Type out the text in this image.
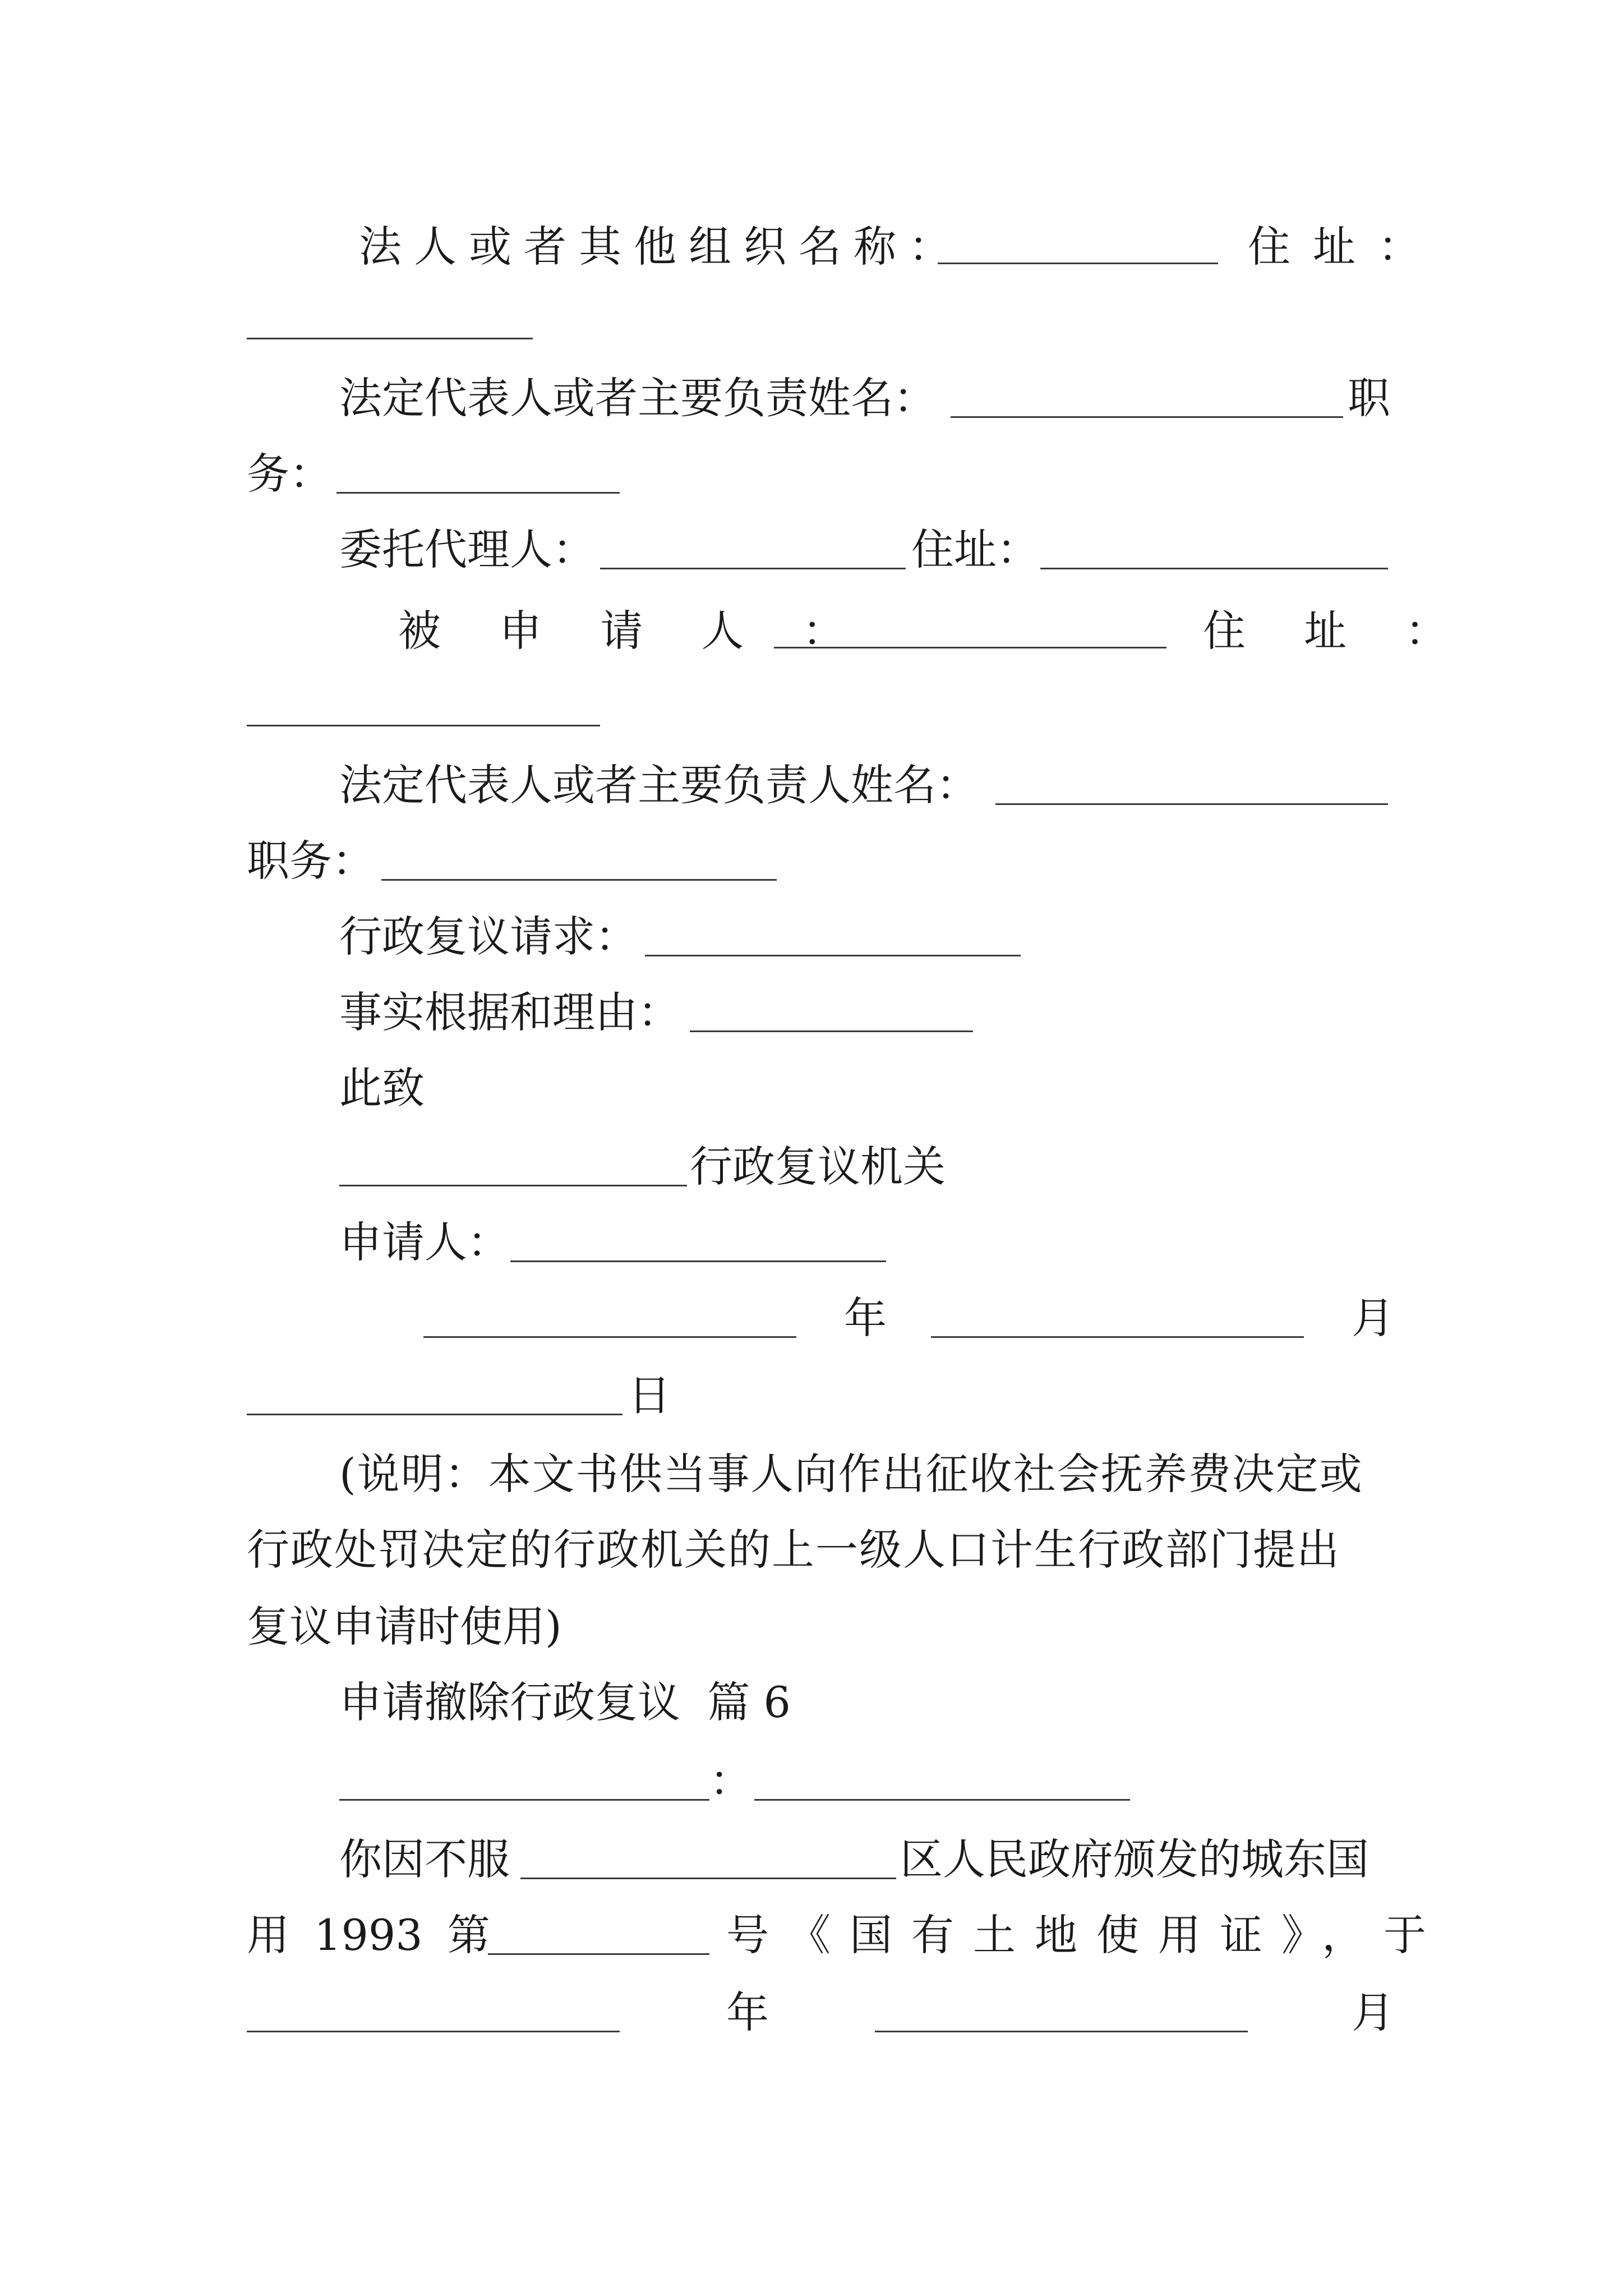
法人或者其他组织名称：	住址：
法定代表人或者主要负责姓名：	职
务：
委托代理人：	住址：
被 申 请 人 ：	住 址 ：
法定代表人或者主要负责人姓名：
职务：
行政复议请求：
事实根据和理由：
此致
行政复议机关
申请人：
年	月
日
(说明：本文书供当事人向作出征收社会抚养费决定或
行政处罚决定的行政机关的上一级人口计生行政部门提出
复议申请时使用)
申请撤除行政复议  篇 6
：
你因不服	区人民政府颁发的城东国
用 1993 第	号《国有土地使用证》，于
年	月
